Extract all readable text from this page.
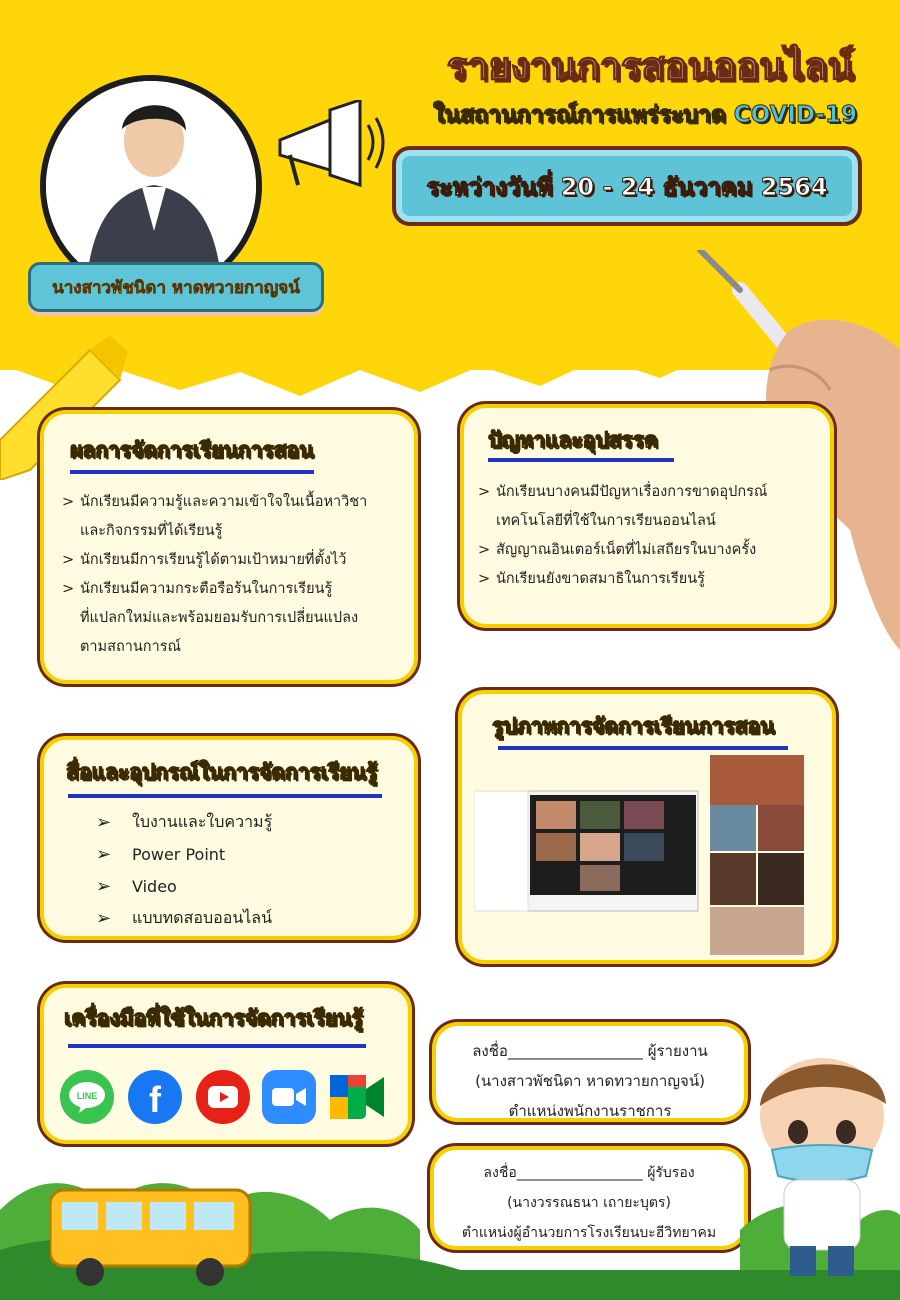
นางสาวพัชนิดา หาดทวายกาญจน์
รายงานการสอนออนไลน์
ในสถานการณ์การแพร่ระบาด COVID-19
ระหว่างวันที่ 20 - 24 ธันวาคม 2564
ผลการจัดการเรียนการสอน
> นักเรียนมีความรู้และความเข้าใจในเนื้อหาวิชา
และกิจกรรมที่ได้เรียนรู้
> นักเรียนมีการเรียนรู้ได้ตามเป้าหมายที่ตั้งไว้
> นักเรียนมีความกระตือรือร้นในการเรียนรู้
ที่แปลกใหม่และพร้อมยอมรับการเปลี่ยนแปลง
ตามสถานการณ์
ปัญหาและอุปสรรค
> นักเรียนบางคนมีปัญหาเรื่องการขาดอุปกรณ์
เทคโนโลยีที่ใช้ในการเรียนออนไลน์
> สัญญาณอินเตอร์เน็ตที่ไม่เสถียรในบางครั้ง
> นักเรียนยังขาดสมาธิในการเรียนรู้
สื่อและอุปกรณ์ในการจัดการเรียนรู้
➢	ใบงานและใบความรู้
➢	Power Point
➢	Video
➢	แบบทดสอบออนไลน์
รูปภาพการจัดการเรียนการสอน
เครื่องมือที่ใช้ในการจัดการเรียนรู้
LINE f
ลงชื่อ__________________ ผู้รายงาน
(นางสาวพัชนิดา หาดทวายกาญจน์)
ตำแหน่งพนักงานราชการ
ลงชื่อ__________________ ผู้รับรอง
(นางวรรณธนา เถายะบุตร)
ตำแหน่งผู้อำนวยการโรงเรียนบะฮีวิทยาคม
